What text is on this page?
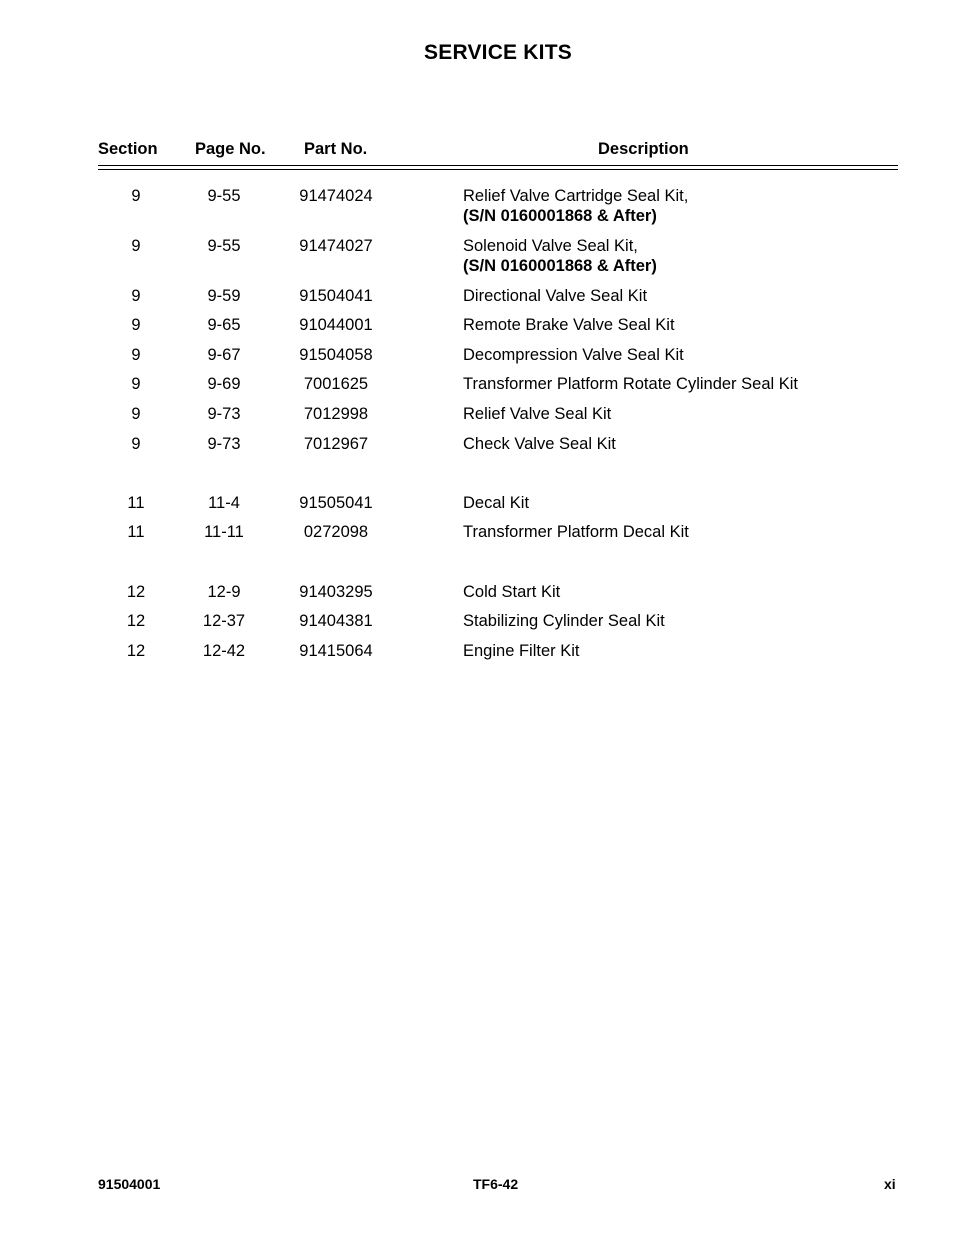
SERVICE KITS
Section Page No. Part No.	Description
9	9-55	91474024	Relief Valve Cartridge Seal Kit,
(S/N 0160001868 & After)
9	9-55	91474027	Solenoid Valve Seal Kit,
(S/N 0160001868 & After)
9	9-59	91504041	Directional Valve Seal Kit
9	9-65	91044001	Remote Brake Valve Seal Kit
9	9-67	91504058	Decompression Valve Seal Kit
9	9-69	7001625	Transformer Platform Rotate Cylinder Seal Kit
9	9-73	7012998	Relief Valve Seal Kit
9	9-73	7012967	Check Valve Seal Kit
11	11-4	91505041	Decal Kit
11	11-11	0272098	Transformer Platform Decal Kit
12	12-9	91403295	Cold Start Kit
12	12-37	91404381	Stabilizing Cylinder Seal Kit
12	12-42	91415064	Engine Filter Kit
91504001	TF6-42	xi
